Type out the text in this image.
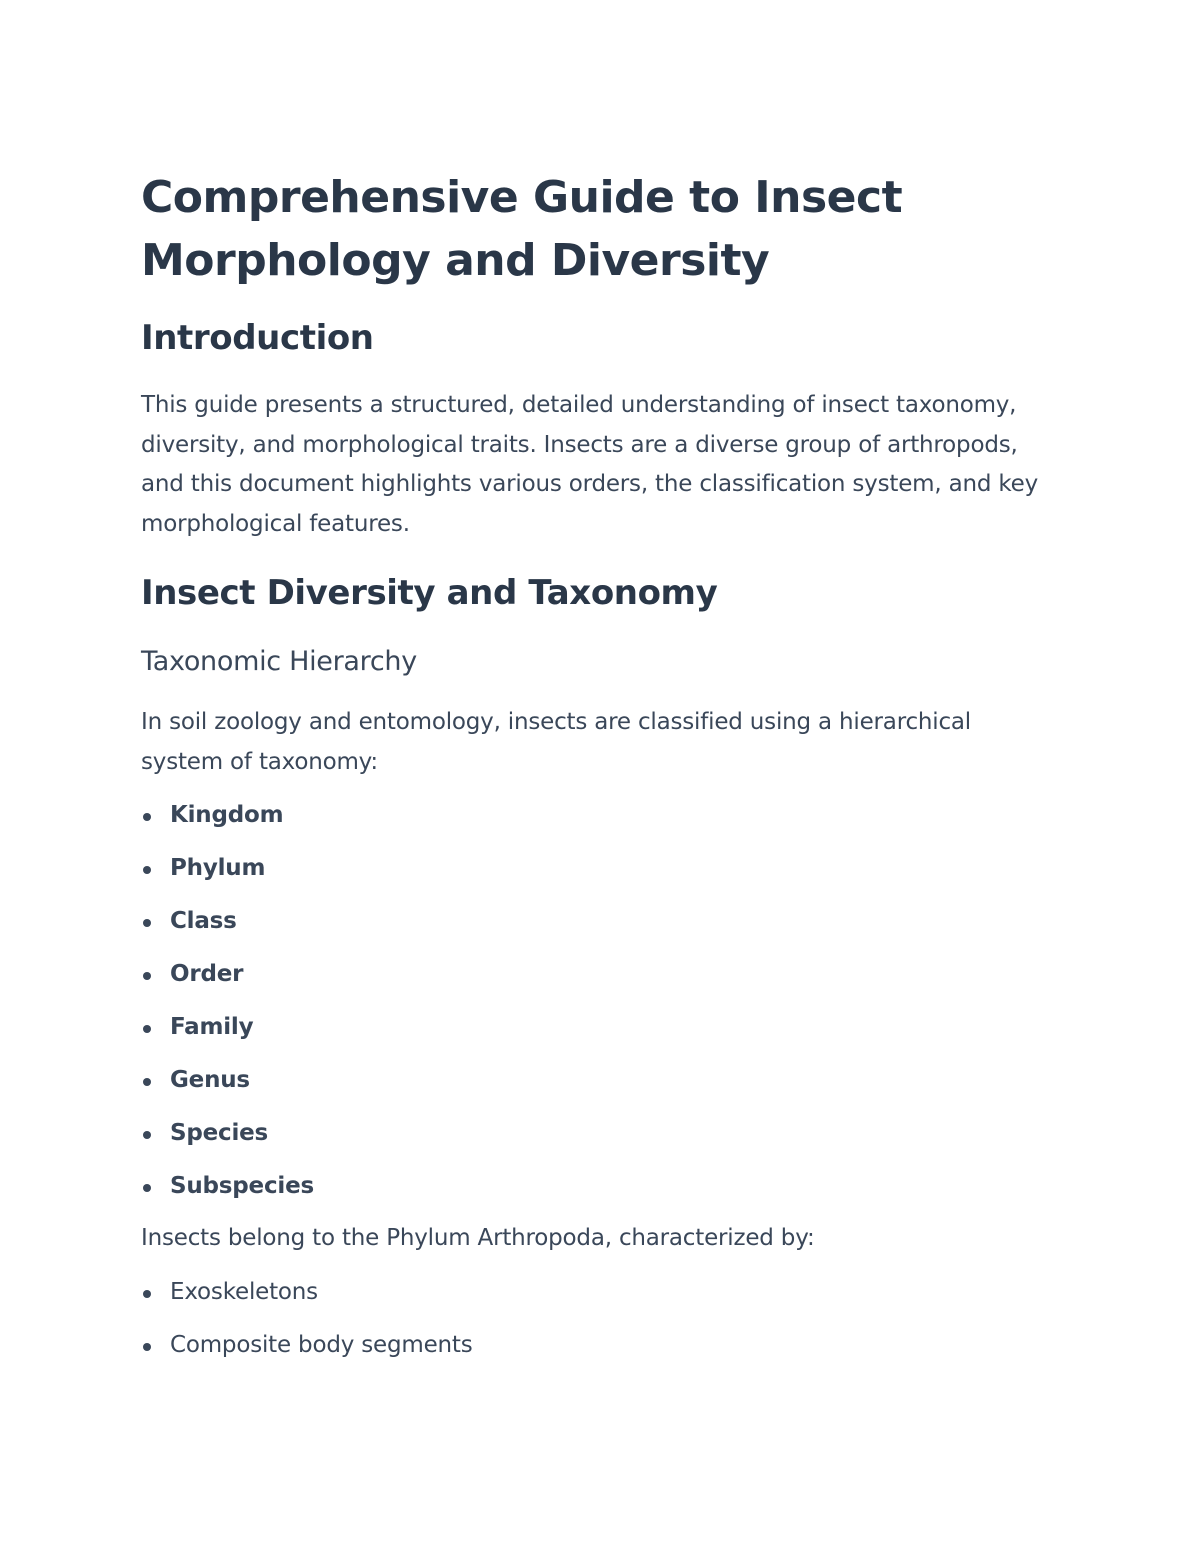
Comprehensive Guide to Insect Morphology and Diversity
Introduction

This guide presents a structured, detailed understanding of insect taxonomy, diversity, and morphological traits. Insects are a diverse group of arthropods, and this document highlights various orders, the classification system, and key morphological features.

Insect Diversity and Taxonomy
Taxonomic Hierarchy

In soil zoology and entomology, insects are classified using a hierarchical system of taxonomy:

Kingdom
Phylum
Class
Order
Family
Genus
Species
Subspecies

Insects belong to the Phylum Arthropoda, characterized by:

Exoskeletons
Composite body segments
